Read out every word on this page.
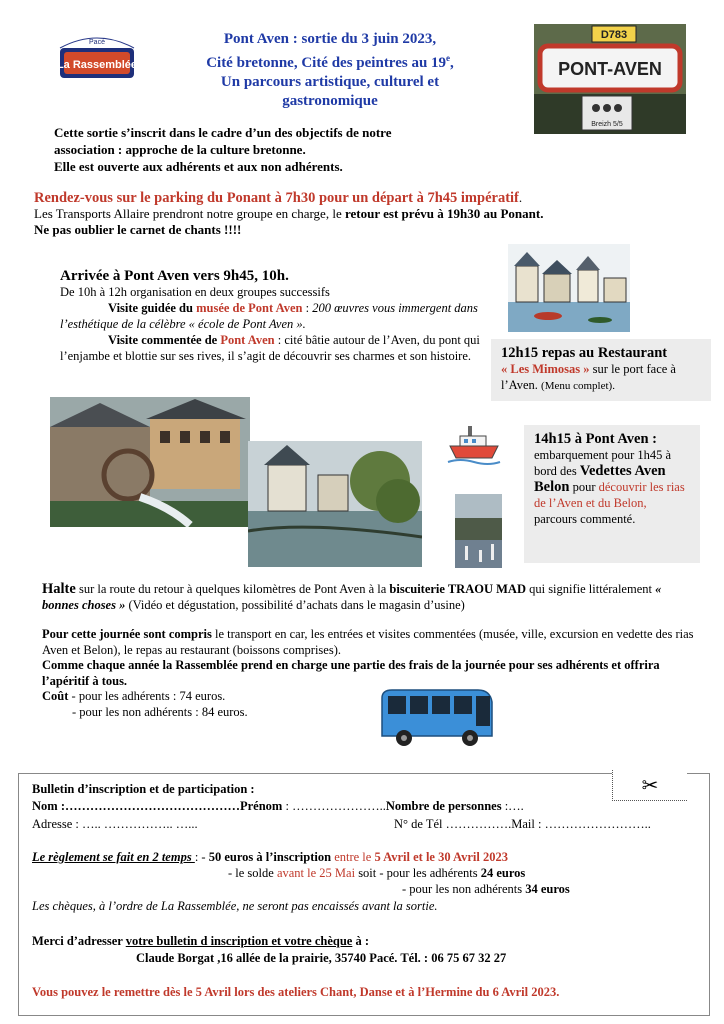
Pacé
La Rassemblée
Pont Aven : sortie du 3 juin 2023,
Cité bretonne, Cité des peintres au 19e,
Un parcours artistique, culturel et
gastronomique
D783
PONT-AVEN
Breizh 5/5
Cette sortie s’inscrit dans le cadre d’un des objectifs de notre
association : approche de la culture bretonne.
Elle est ouverte aux adhérents et aux non adhérents.
Rendez-vous sur le parking du Ponant à 7h30 pour un départ à 7h45 impératif.
Les Transports Allaire prendront notre groupe en charge, le retour est prévu à 19h30 au Ponant.
Ne pas oublier le carnet de chants !!!!
Arrivée à Pont Aven vers 9h45, 10h.
De 10h à 12h organisation en deux groupes successifs
Visite guidée du musée de Pont Aven : 200 œuvres vous immergent dans l’esthétique de la célèbre « école de Pont Aven ».
Visite commentée de Pont Aven : cité bâtie autour de l’Aven, du pont qui l’enjambe et blottie sur ses rives, il s’agit de découvrir ses charmes et son histoire.	12h15 repas au Restaurant
« Les Mimosas » sur le port face à l’Aven. (Menu complet).
14h15 à Pont Aven :
embarquement pour 1h45 à bord des Vedettes Aven Belon pour découvrir les rias de l’Aven et du Belon, parcours commenté.
Halte sur la route du retour à quelques kilomètres de Pont Aven à la biscuiterie TRAOU MAD qui signifie littéralement « bonnes choses » (Vidéo et dégustation, possibilité d’achats dans le magasin d’usine)
Pour cette journée sont compris le transport en car, les entrées et visites commentées (musée, ville, excursion en vedette des rias Aven et Belon), le repas au restaurant (boissons comprises).
Comme chaque année la Rassemblée prend en charge une partie des frais de la journée pour ses adhérents et offrira l’apéritif à tous.
Coût - pour les adhérents : 74 euros.
- pour les non adhérents : 84 euros.
✂
Bulletin d’inscription et de participation :
Nom :……………………………………Prénom : …………………..Nombre de personnes :….
Adresse : ….. …………….. …...	N° de Tél …………….Mail : ……………………..
Le règlement se fait en 2 temps : - 50 euros à l’inscription entre le 5 Avril et le 30 Avril 2023
- le solde avant le 25 Mai soit - pour les adhérents 24 euros
- pour les non adhérents 34 euros
Les chèques, à l’ordre de La Rassemblée, ne seront pas encaissés avant la sortie.
Merci d’adresser votre bulletin d inscription et votre chèque à :
Claude Borgat ,16 allée de la prairie, 35740 Pacé. Tél. : 06 75 67 32 27
Vous pouvez le remettre dès le 5 Avril lors des ateliers Chant, Danse et à l’Hermine du 6 Avril 2023.
